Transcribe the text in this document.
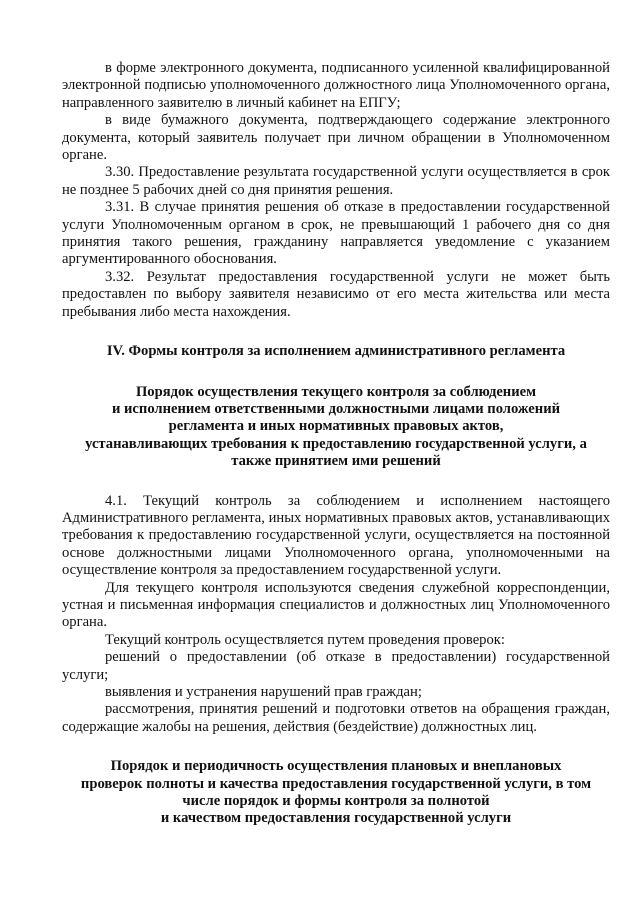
в форме электронного документа, подписанного усиленной квалифицированной электронной подписью уполномоченного должностного лица Уполномоченного органа, направленного заявителю в личный кабинет на ЕПГУ;

в виде бумажного документа, подтверждающего содержание электронного документа, который заявитель получает при личном обращении в Уполномоченном органе.

3.30. Предоставление результата государственной услуги осуществляется в срок не позднее 5 рабочих дней со дня принятия решения.

3.31. В случае принятия решения об отказе в предоставлении государственной услуги Уполномоченным органом в срок, не превышающий 1 рабочего дня со дня принятия такого решения, гражданину направляется уведомление с указанием аргументированного обоснования.

3.32. Результат предоставления государственной услуги не может быть предоставлен по выбору заявителя независимо от его места жительства или места пребывания либо места нахождения.

IV. Формы контроля за исполнением административного регламента
Порядок осуществления текущего контроля за соблюдением
и исполнением ответственными должностными лицами положений
регламента и иных нормативных правовых актов,
устанавливающих требования к предоставлению государственной услуги, а
также принятием ими решений

4.1. Текущий контроль за соблюдением и исполнением настоящего Административного регламента, иных нормативных правовых актов, устанавливающих требования к предоставлению государственной услуги, осуществляется на постоянной основе должностными лицами Уполномоченного органа, уполномоченными на осуществление контроля за предоставлением государственной услуги.

Для текущего контроля используются сведения служебной корреспонденции, устная и письменная информация специалистов и должностных лиц Уполномоченного органа.

Текущий контроль осуществляется путем проведения проверок:

решений о предоставлении (об отказе в предоставлении) государственной услуги;

выявления и устранения нарушений прав граждан;

рассмотрения, принятия решений и подготовки ответов на обращения граждан, содержащие жалобы на решения, действия (бездействие) должностных лиц.

Порядок и периодичность осуществления плановых и внеплановых
проверок полноты и качества предоставления государственной услуги, в том
числе порядок и формы контроля за полнотой
и качеством предоставления государственной услуги
